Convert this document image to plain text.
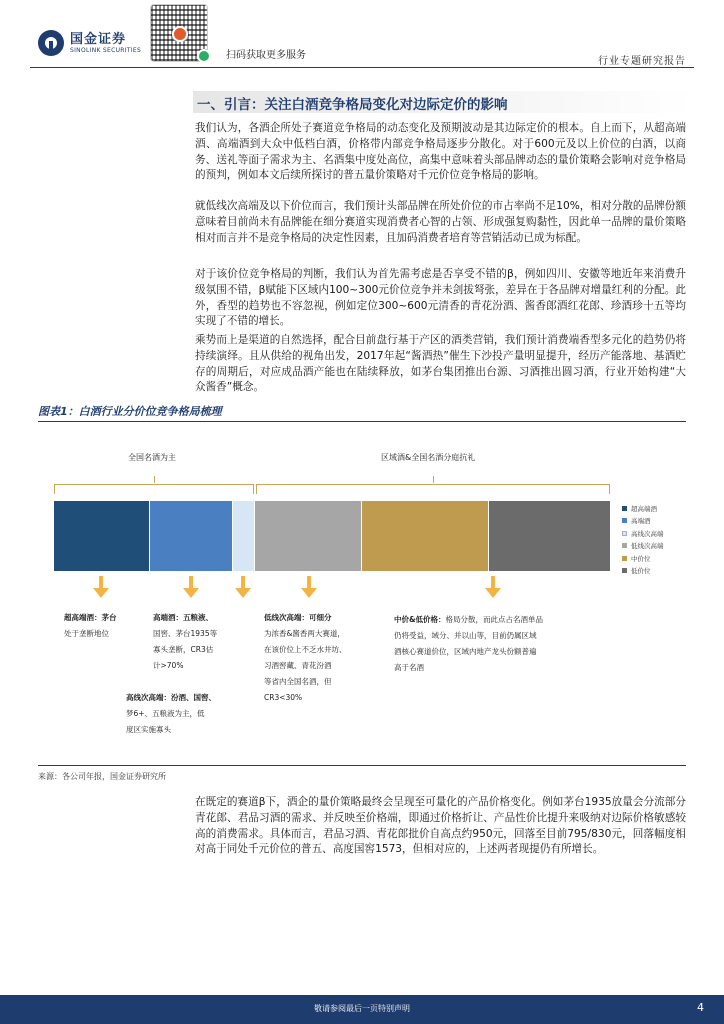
国金证券
SINOLINK SECURITIES	扫码获取更多服务
行业专题研究报告
一、引言：关注白酒竞争格局变化对边际定价的影响

我们认为，各酒企所处子赛道竞争格局的动态变化及预期波动是其边际定价的根本。自上而下，从超高端酒、高端酒到大众中低档白酒，价格带内部竞争格局逐步分散化。对于600元及以上价位的白酒，以商务、送礼等面子需求为主、名酒集中度处高位，高集中意味着头部品牌动态的量价策略会影响对竞争格局的预判，例如本文后续所探讨的普五量价策略对千元价位竞争格局的影响。

就低线次高端及以下价位而言，我们预计头部品牌在所处价位的市占率尚不足10%，相对分散的品牌份额意味着目前尚未有品牌能在细分赛道实现消费者心智的占领、形成强复购黏性，因此单一品牌的量价策略相对而言并不是竞争格局的决定性因素，且加码消费者培育等营销活动已成为标配。

对于该价位竞争格局的判断，我们认为首先需考虑是否享受不错的β，例如四川、安徽等地近年来消费升级氛围不错，β赋能下区域内100~300元价位竞争并未剑拔弩张，差异在于各品牌对增量红利的分配。此外，香型的趋势也不容忽视，例如定位300~600元清香的青花汾酒、酱香郎酒红花郎、珍酒珍十五等均实现了不错的增长。

乘势而上是渠道的自然选择，配合目前盘行基于产区的酒类营销，我们预计消费端香型多元化的趋势仍将持续演绎。且从供给的视角出发，2017年起“酱酒热”催生下沙投产量明显提升，经历产能落地、基酒贮存的周期后，对应成品酒产能也在陆续释放，如茅台集团推出台源、习酒推出圆习酒，行业开始构建“大众酱香”概念。

图表1：白酒行业分价位竞争格局梳理
全国名酒为主	区域酒&全国名酒分庭抗礼
超高端酒
高端酒
高线次高端
低线次高端
中价位
低价位
超高端酒：茅台
处于垄断地位
高端酒：五粮液、
国窖、茅台1935等
寡头垄断，CR3估
计>70%
高线次高端：汾酒、国窖、
梦6+、五粮液为主，低
度区实施寡头
低线次高端：可细分
为浓香&酱香两大赛道，
在该价位上不乏水井坊、
习酒窖藏、青花汾酒
等省内全国名酒，但
CR3<30%
中价&低价格：格局分散，而此点占名酒单品
仍将受益，域分、并以山等，目前仍属区域
酒核心赛道价位，区域内地产龙头份额普遍
高于名酒
来源：各公司年报，国金证券研究所

在既定的赛道β下，酒企的量价策略最终会呈现至可量化的产品价格变化。例如茅台1935放量会分流部分青花郎、君品习酒的需求、并反映至价格端，即通过价格折让、产品性价比提升来吸纳对边际价格敏感较高的消费需求。具体而言，君品习酒、青花郎批价自高点约950元，回落至目前795/830元，回落幅度相对高于同处千元价位的普五、高度国窖1573，但相对应的，上述两者现提仍有所增长。

敬请参阅最后一页特别声明	4
